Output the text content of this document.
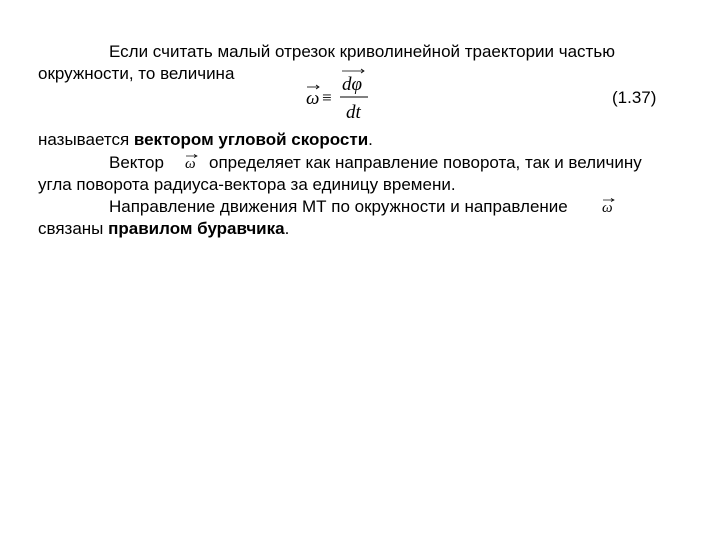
Если считать малый отрезок криволинейной траектории частью
окружности, то величина
ω ≡
dφ
dt
(1.37)
называется вектором угловой скорости.
Вектор ω определяет как направление поворота, так и величину
угла поворота радиуса-вектора за единицу времени.
Направление движения МТ по окружности и направление ω
связаны правилом буравчика.
